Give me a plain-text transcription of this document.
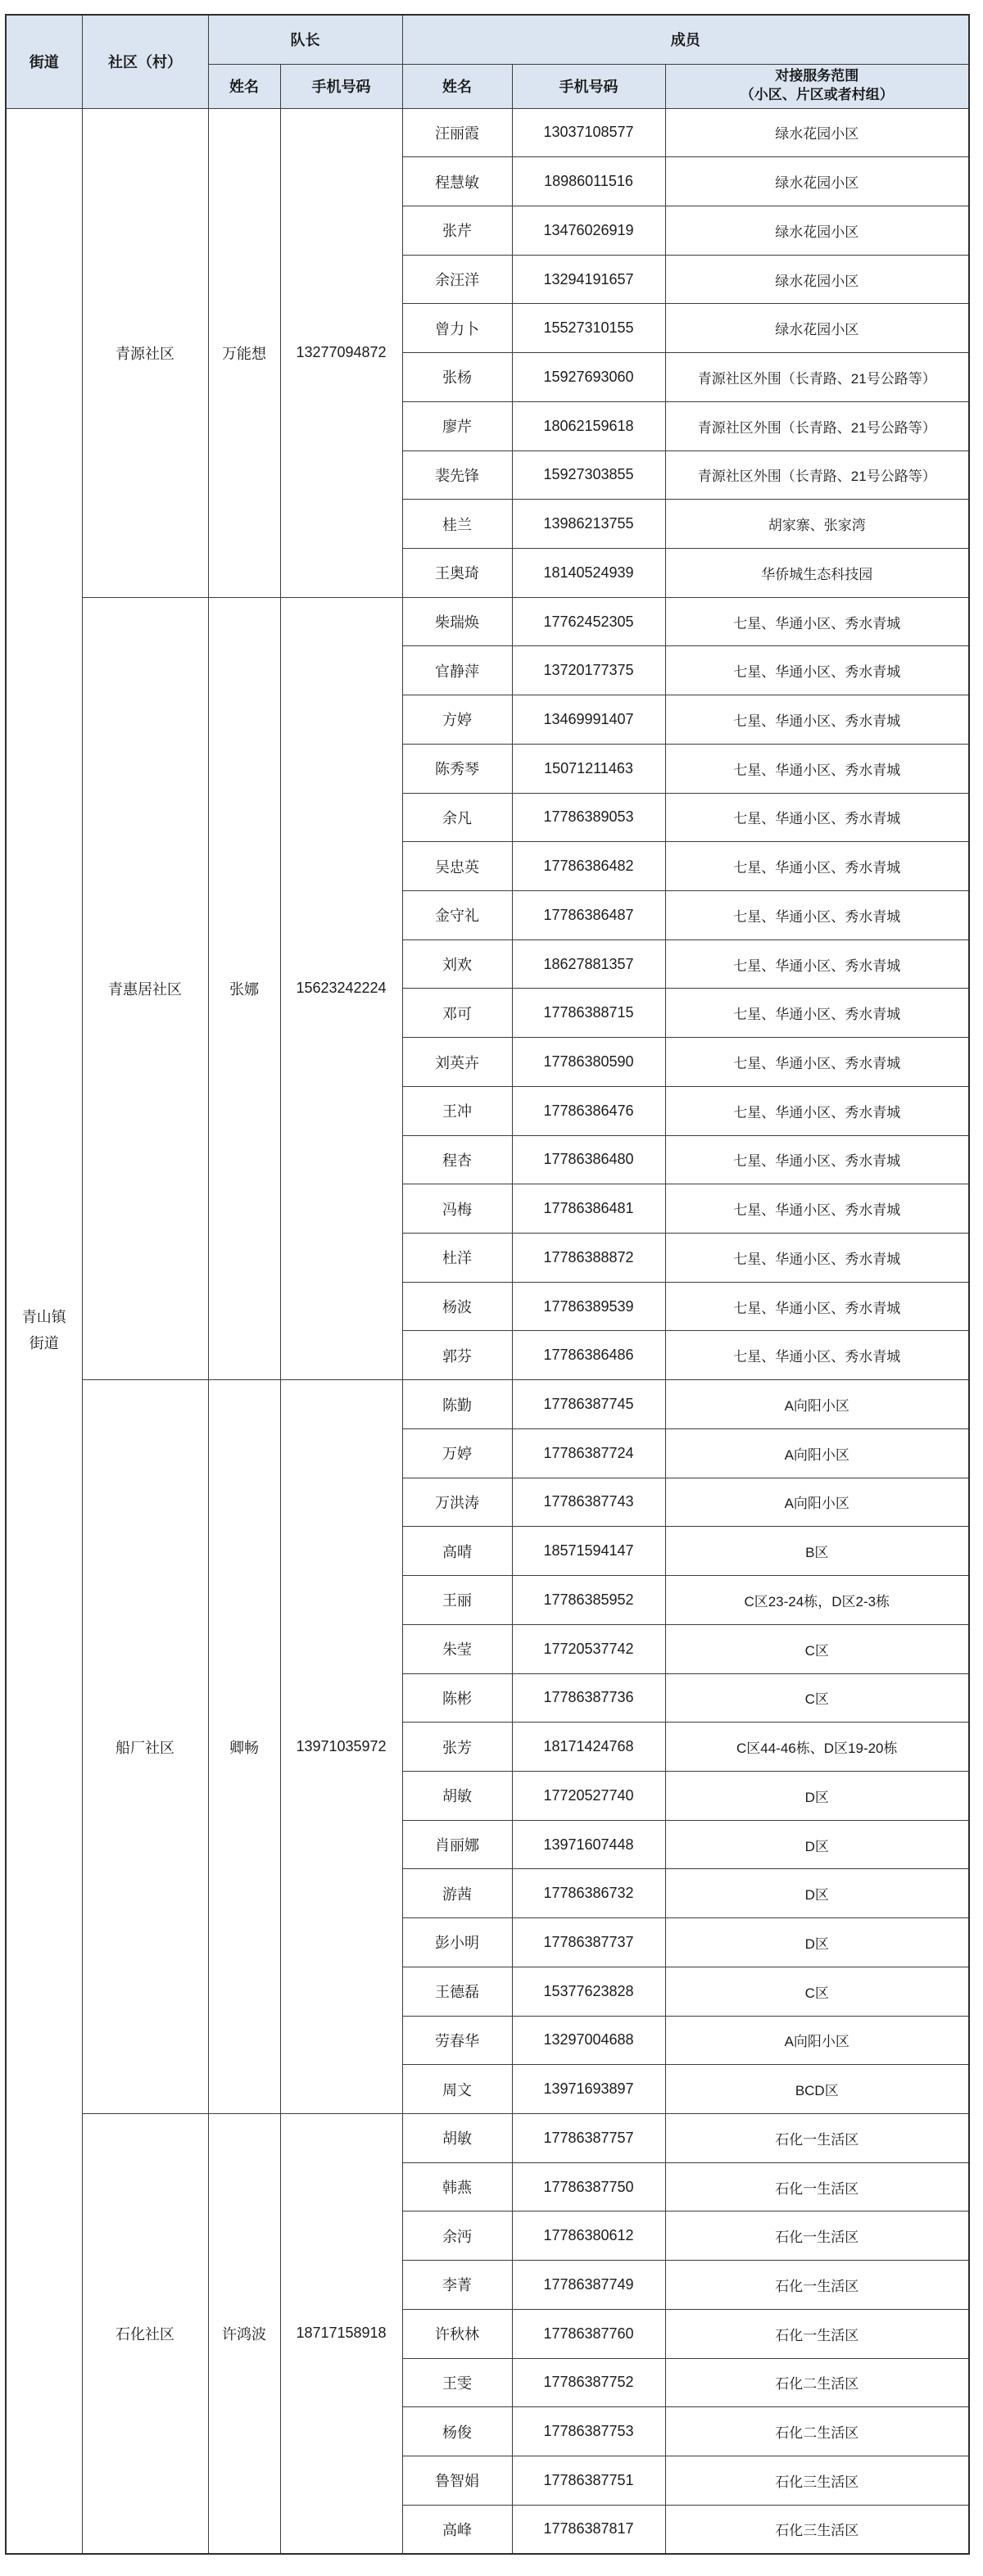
街道	社区（村）	队长		成员		
		姓名	手机号码	姓名	手机号码	对接服务范围
（小区、片区或者村组）

青山镇街道	青源社区	万能想	13277094872	汪丽霞	13037108577	绿水花园小区
				程慧敏	18986011516	绿水花园小区
				张芹	13476026919	绿水花园小区
				余汪洋	13294191657	绿水花园小区
				曾力卜	15527310155	绿水花园小区
				张杨	15927693060	青源社区外围（长青路、21号公路等）
				廖芹	18062159618	青源社区外围（长青路、21号公路等）
				裴先锋	15927303855	青源社区外围（长青路、21号公路等）
				桂兰	13986213755	胡家寨、张家湾
				王奥琦	18140524939	华侨城生态科技园
	青惠居社区	张娜	15623242224	柴瑞焕	17762452305	七星、华通小区、秀水青城
				官静萍	13720177375	七星、华通小区、秀水青城
				方婷	13469991407	七星、华通小区、秀水青城
				陈秀琴	15071211463	七星、华通小区、秀水青城
				余凡	17786389053	七星、华通小区、秀水青城
				吴忠英	17786386482	七星、华通小区、秀水青城
				金守礼	17786386487	七星、华通小区、秀水青城
				刘欢	18627881357	七星、华通小区、秀水青城
				邓可	17786388715	七星、华通小区、秀水青城
				刘英卉	17786380590	七星、华通小区、秀水青城
				王冲	17786386476	七星、华通小区、秀水青城
				程杏	17786386480	七星、华通小区、秀水青城
				冯梅	17786386481	七星、华通小区、秀水青城
				杜洋	17786388872	七星、华通小区、秀水青城
				杨波	17786389539	七星、华通小区、秀水青城
				郭芬	17786386486	七星、华通小区、秀水青城
	船厂社区	卿畅	13971035972	陈勤	17786387745	A向阳小区
				万婷	17786387724	A向阳小区
				万洪涛	17786387743	A向阳小区
				高晴	18571594147	B区
				王丽	17786385952	C区23-24栋，D区2-3栋
				朱莹	17720537742	C区
				陈彬	17786387736	C区
				张芳	18171424768	C区44-46栋、D区19-20栋
				胡敏	17720527740	D区
				肖丽娜	13971607448	D区
				游茜	17786386732	D区
				彭小明	17786387737	D区
				王德磊	15377623828	C区
				劳春华	13297004688	A向阳小区
				周文	13971693897	BCD区
	石化社区	许鸿波	18717158918	胡敏	17786387757	石化一生活区
				韩燕	17786387750	石化一生活区
				余沔	17786380612	石化一生活区
				李菁	17786387749	石化一生活区
				许秋林	17786387760	石化一生活区
				王雯	17786387752	石化二生活区
				杨俊	17786387753	石化二生活区
				鲁智娟	17786387751	石化三生活区
				高峰	17786387817	石化三生活区
